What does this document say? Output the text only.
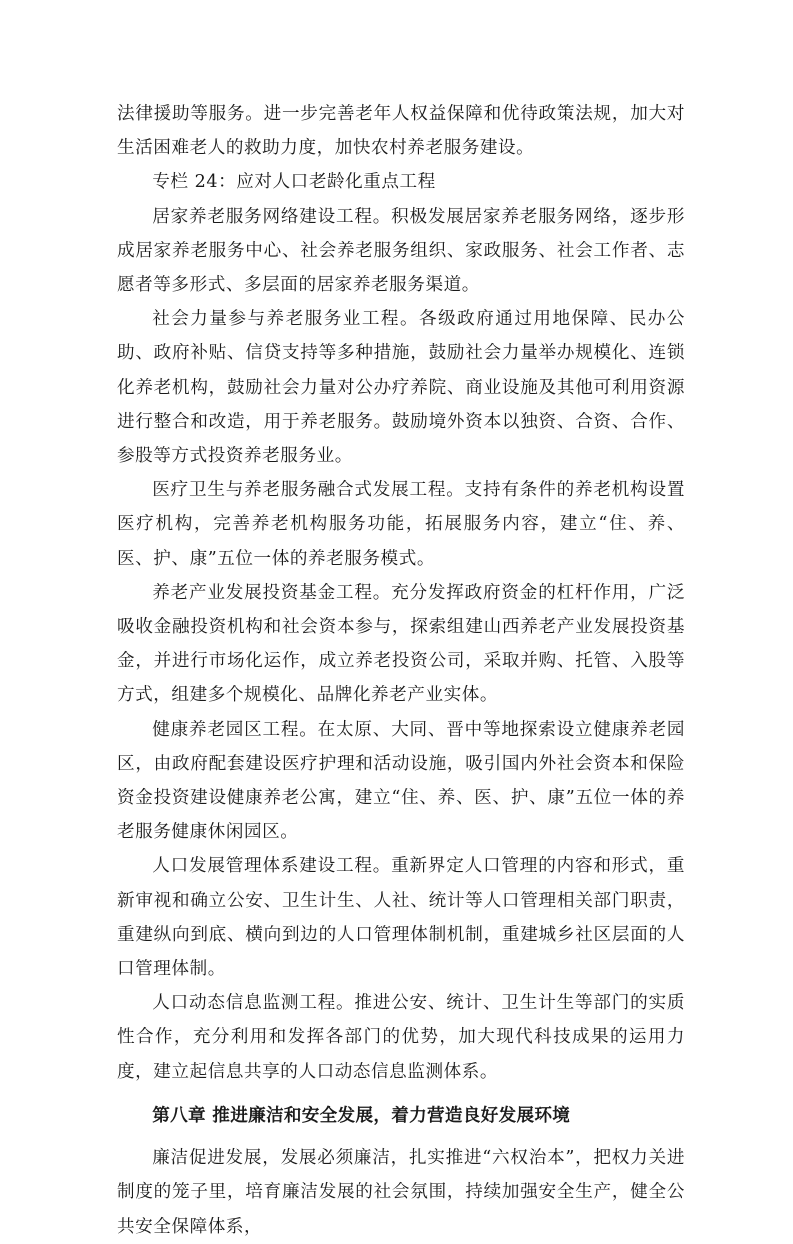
法律援助等服务。进一步完善老年人权益保障和优待政策法规，加大对生活困难老人的救助力度，加快农村养老服务建设。

专栏 24：应对人口老龄化重点工程

居家养老服务网络建设工程。积极发展居家养老服务网络，逐步形成居家养老服务中心、社会养老服务组织、家政服务、社会工作者、志愿者等多形式、多层面的居家养老服务渠道。

社会力量参与养老服务业工程。各级政府通过用地保障、民办公助、政府补贴、信贷支持等多种措施，鼓励社会力量举办规模化、连锁化养老机构，鼓励社会力量对公办疗养院、商业设施及其他可利用资源进行整合和改造，用于养老服务。鼓励境外资本以独资、合资、合作、参股等方式投资养老服务业。

医疗卫生与养老服务融合式发展工程。支持有条件的养老机构设置医疗机构，完善养老机构服务功能，拓展服务内容，建立“住、养、医、护、康”五位一体的养老服务模式。

养老产业发展投资基金工程。充分发挥政府资金的杠杆作用，广泛吸收金融投资机构和社会资本参与，探索组建山西养老产业发展投资基金，并进行市场化运作，成立养老投资公司，采取并购、托管、入股等方式，组建多个规模化、品牌化养老产业实体。

健康养老园区工程。在太原、大同、晋中等地探索设立健康养老园区，由政府配套建设医疗护理和活动设施，吸引国内外社会资本和保险资金投资建设健康养老公寓，建立“住、养、医、护、康”五位一体的养老服务健康休闲园区。

人口发展管理体系建设工程。重新界定人口管理的内容和形式，重新审视和确立公安、卫生计生、人社、统计等人口管理相关部门职责，重建纵向到底、横向到边的人口管理体制机制，重建城乡社区层面的人口管理体制。

人口动态信息监测工程。推进公安、统计、卫生计生等部门的实质性合作，充分利用和发挥各部门的优势，加大现代科技成果的运用力度，建立起信息共享的人口动态信息监测体系。

第八章 推进廉洁和安全发展，着力营造良好发展环境

廉洁促进发展，发展必须廉洁，扎实推进“六权治本”，把权力关进制度的笼子里，培育廉洁发展的社会氛围，持续加强安全生产，健全公共安全保障体系，
